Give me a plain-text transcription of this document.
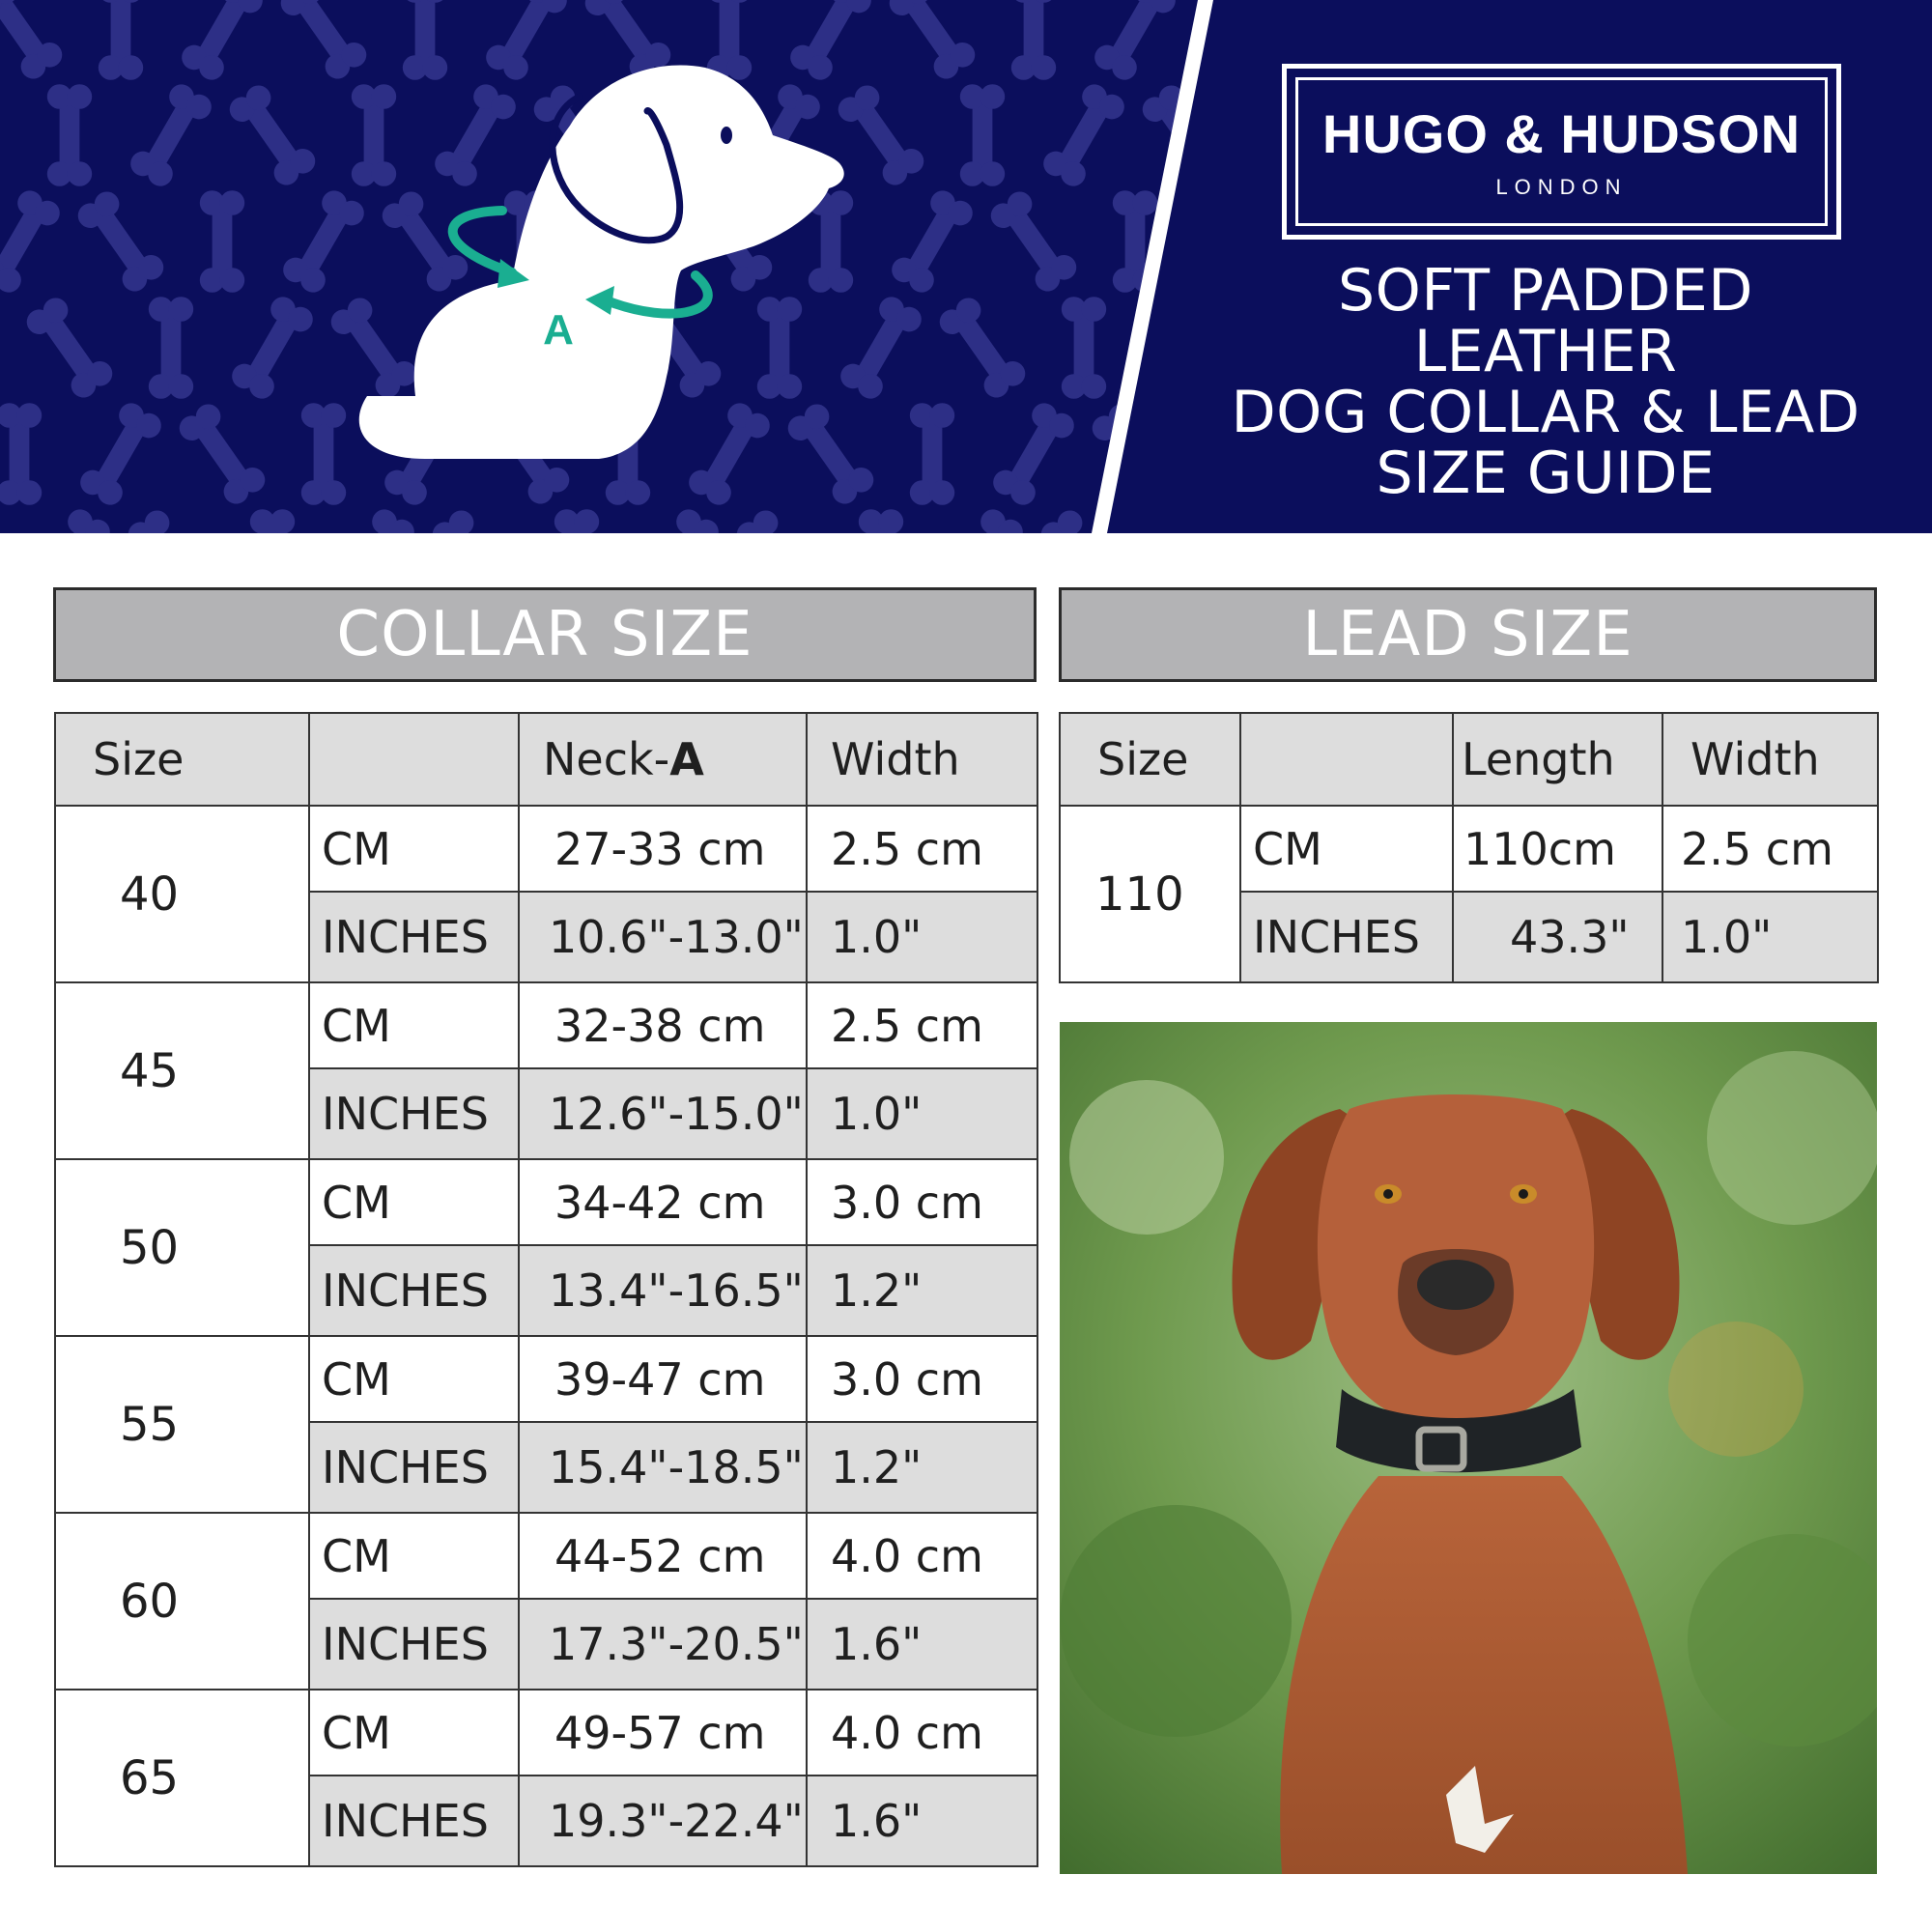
A
HUGO & HUDSON
LONDON
SOFT PADDED
LEATHER
DOG COLLAR & LEAD
SIZE GUIDE
COLLAR SIZE	LEAD SIZE
Size		Neck-A	Width
40	CM	27-33 cm	2.5 cm
	INCHES	10.6"-13.0"	1.0"
45	CM	32-38 cm	2.5 cm
	INCHES	12.6"-15.0"	1.0"
50	CM	34-42 cm	3.0 cm
	INCHES	13.4"-16.5"	1.2"
55	CM	39-47 cm	3.0 cm
	INCHES	15.4"-18.5"	1.2"
60	CM	44-52 cm	4.0 cm
	INCHES	17.3"-20.5"	1.6"
65	CM	49-57 cm	4.0 cm
	INCHES	19.3"-22.4"	1.6"
Size		Length	Width
110	CM	110cm	2.5 cm
	INCHES	43.3"	1.0"
